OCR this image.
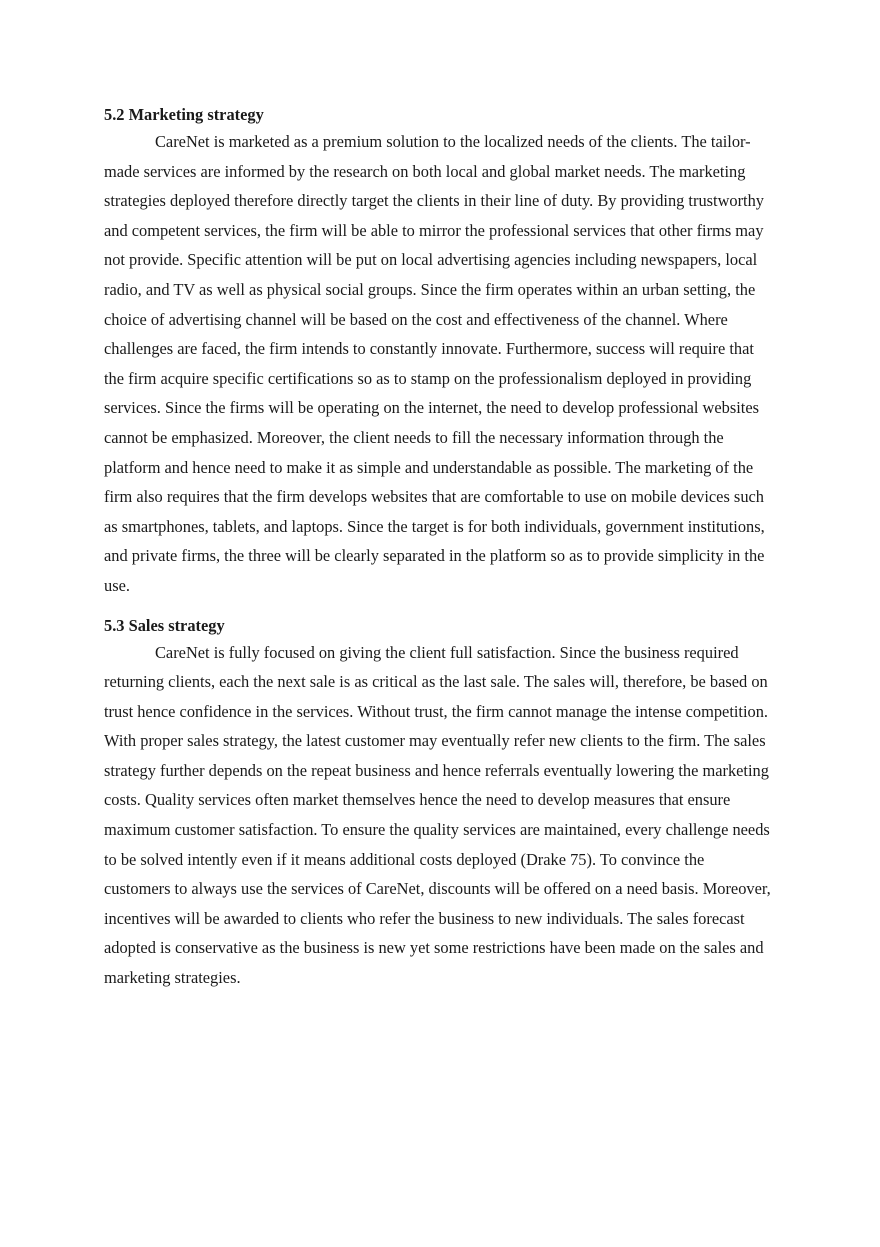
5.2 Marketing strategy

CareNet is marketed as a premium solution to the localized needs of the clients. The tailor-made services are informed by the research on both local and global market needs. The marketing strategies deployed therefore directly target the clients in their line of duty. By providing trustworthy and competent services, the firm will be able to mirror the professional services that other firms may not provide. Specific attention will be put on local advertising agencies including newspapers, local radio, and TV as well as physical social groups. Since the firm operates within an urban setting, the choice of advertising channel will be based on the cost and effectiveness of the channel. Where challenges are faced, the firm intends to constantly innovate. Furthermore, success will require that the firm acquire specific certifications so as to stamp on the professionalism deployed in providing services. Since the firms will be operating on the internet, the need to develop professional websites cannot be emphasized. Moreover, the client needs to fill the necessary information through the platform and hence need to make it as simple and understandable as possible. The marketing of the firm also requires that the firm develops websites that are comfortable to use on mobile devices such as smartphones, tablets, and laptops. Since the target is for both individuals, government institutions, and private firms, the three will be clearly separated in the platform so as to provide simplicity in the use.

5.3 Sales strategy

CareNet is fully focused on giving the client full satisfaction. Since the business required returning clients, each the next sale is as critical as the last sale. The sales will, therefore, be based on trust hence confidence in the services. Without trust, the firm cannot manage the intense competition. With proper sales strategy, the latest customer may eventually refer new clients to the firm. The sales strategy further depends on the repeat business and hence referrals eventually lowering the marketing costs. Quality services often market themselves hence the need to develop measures that ensure maximum customer satisfaction. To ensure the quality services are maintained, every challenge needs to be solved intently even if it means additional costs deployed (Drake 75). To convince the customers to always use the services of CareNet, discounts will be offered on a need basis. Moreover, incentives will be awarded to clients who refer the business to new individuals. The sales forecast adopted is conservative as the business is new yet some restrictions have been made on the sales and marketing strategies.
